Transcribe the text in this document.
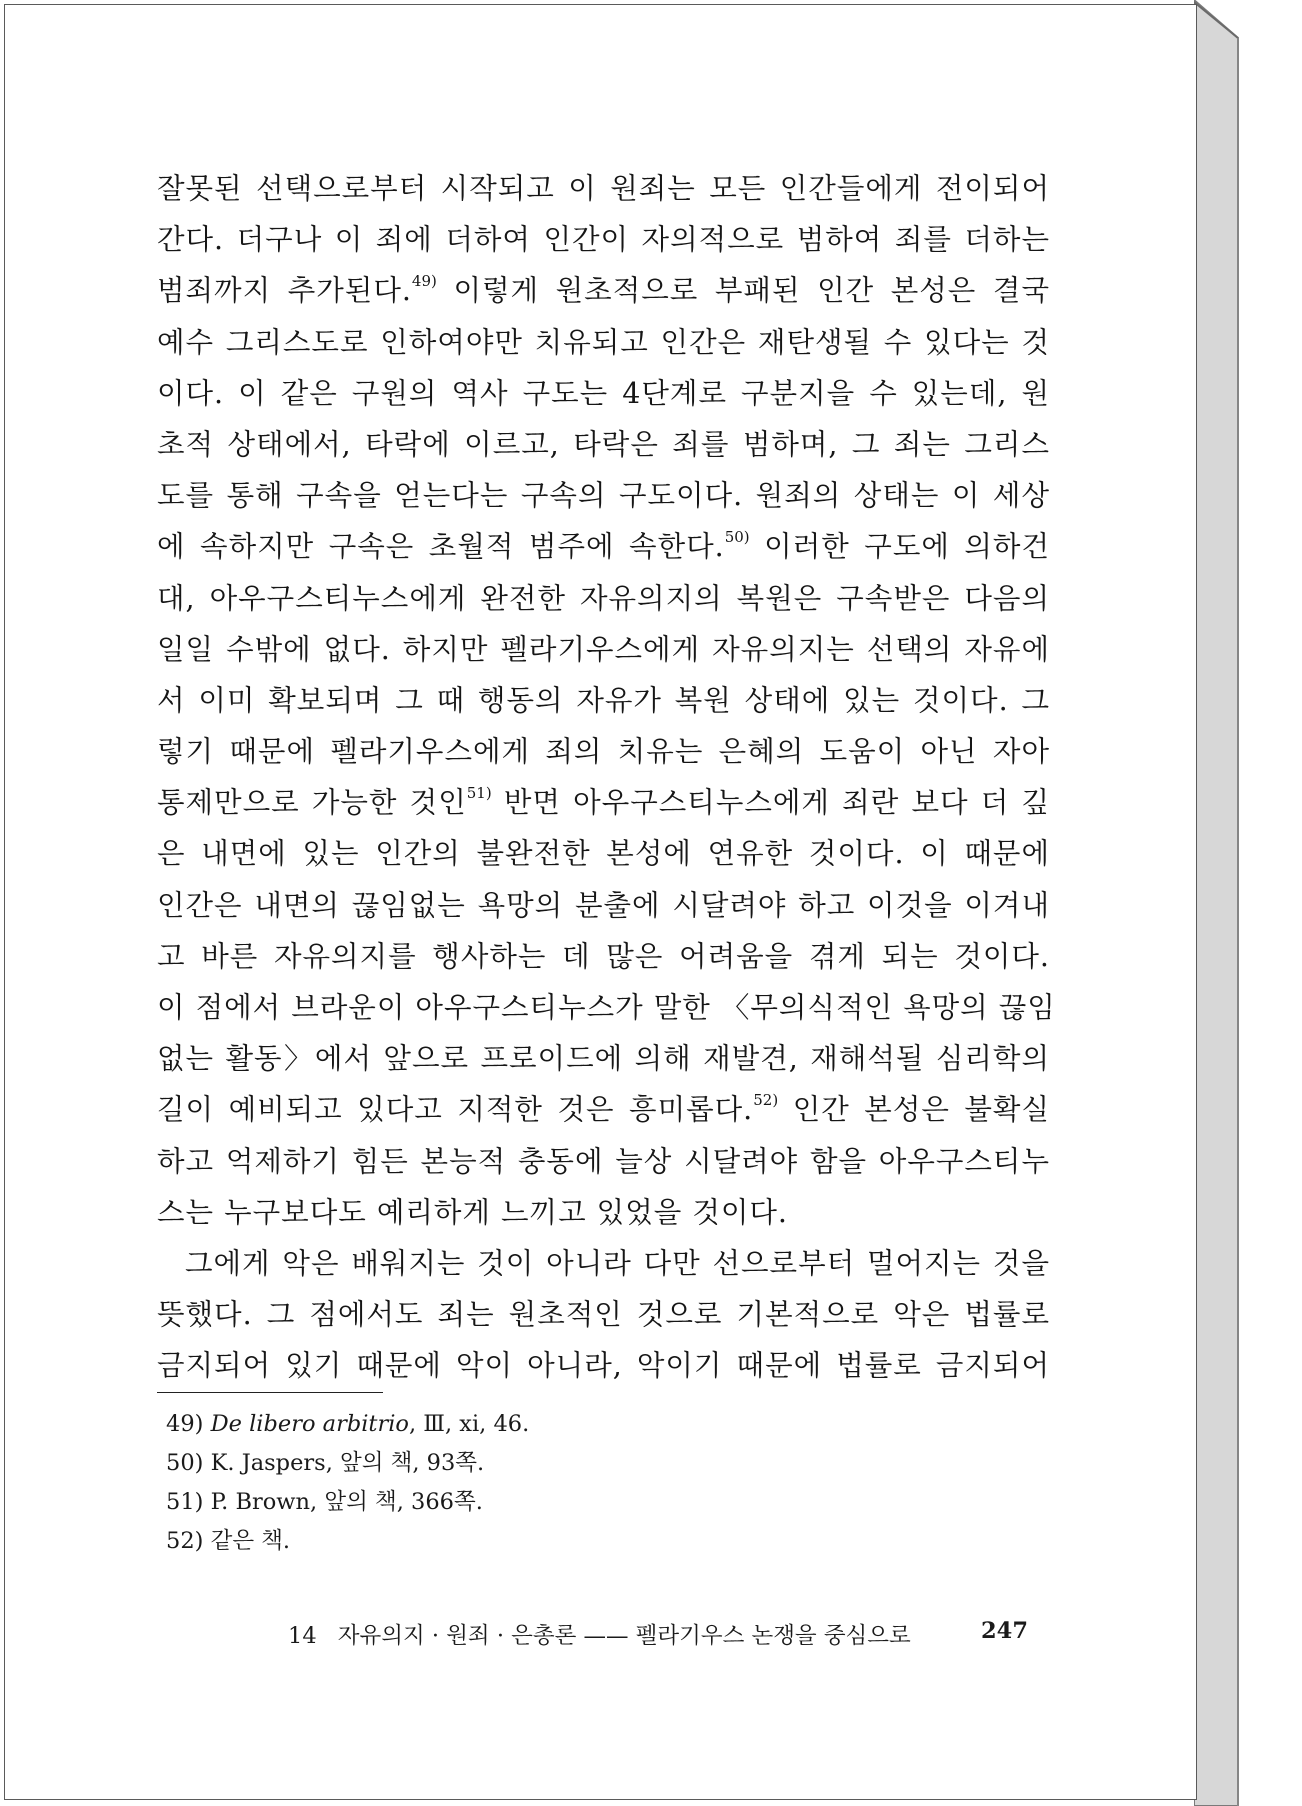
잘못된 선택으로부터 시작되고 이 원죄는 모든 인간들에게 전이되어
간다. 더구나 이 죄에 더하여 인간이 자의적으로 범하여 죄를 더하는
범죄까지 추가된다.$^{49)}$ 이렇게 원초적으로 부패된 인간 본성은 결국
예수 그리스도로 인하여야만 치유되고 인간은 재탄생될 수 있다는 것
이다. 이 같은 구원의 역사 구도는 4단계로 구분지을 수 있는데, 원
초적 상태에서, 타락에 이르고, 타락은 죄를 범하며, 그 죄는 그리스
도를 통해 구속을 얻는다는 구속의 구도이다. 원죄의 상태는 이 세상
에 속하지만 구속은 초월적 범주에 속한다.$^{50)}$ 이러한 구도에 의하건
대, 아우구스티누스에게 완전한 자유의지의 복원은 구속받은 다음의
일일 수밖에 없다. 하지만 펠라기우스에게 자유의지는 선택의 자유에
서 이미 확보되며 그 때 행동의 자유가 복원 상태에 있는 것이다. 그
렇기 때문에 펠라기우스에게 죄의 치유는 은혜의 도움이 아닌 자아
통제만으로 가능한 것인$^{51)}$ 반면 아우구스티누스에게 죄란 보다 더 깊
은 내면에 있는 인간의 불완전한 본성에 연유한 것이다. 이 때문에
인간은 내면의 끊임없는 욕망의 분출에 시달려야 하고 이것을 이겨내
고 바른 자유의지를 행사하는 데 많은 어려움을 겪게 되는 것이다.
이 점에서 브라운이 아우구스티누스가 말한 〈무의식적인 욕망의 끊임
없는 활동〉에서 앞으로 프로이드에 의해 재발견, 재해석될 심리학의
길이 예비되고 있다고 지적한 것은 흥미롭다.$^{52)}$ 인간 본성은 불확실
하고 억제하기 힘든 본능적 충동에 늘상 시달려야 함을 아우구스티누
스는 누구보다도 예리하게 느끼고 있었을 것이다.
그에게 악은 배워지는 것이 아니라 다만 선으로부터 멀어지는 것을
뜻했다. 그 점에서도 죄는 원초적인 것으로 기본적으로 악은 법률로
금지되어 있기 때문에 악이 아니라, 악이기 때문에 법률로 금지되어
49) De libero arbitrio, Ⅲ, xi, 46.
50) K. Jaspers, 앞의 책, 93쪽.
51) P. Brown, 앞의 책, 366쪽.
52) 같은 책.
14 자유의지 · 원죄 · 은총론 —— 펠라기우스 논쟁을 중심으로	247
